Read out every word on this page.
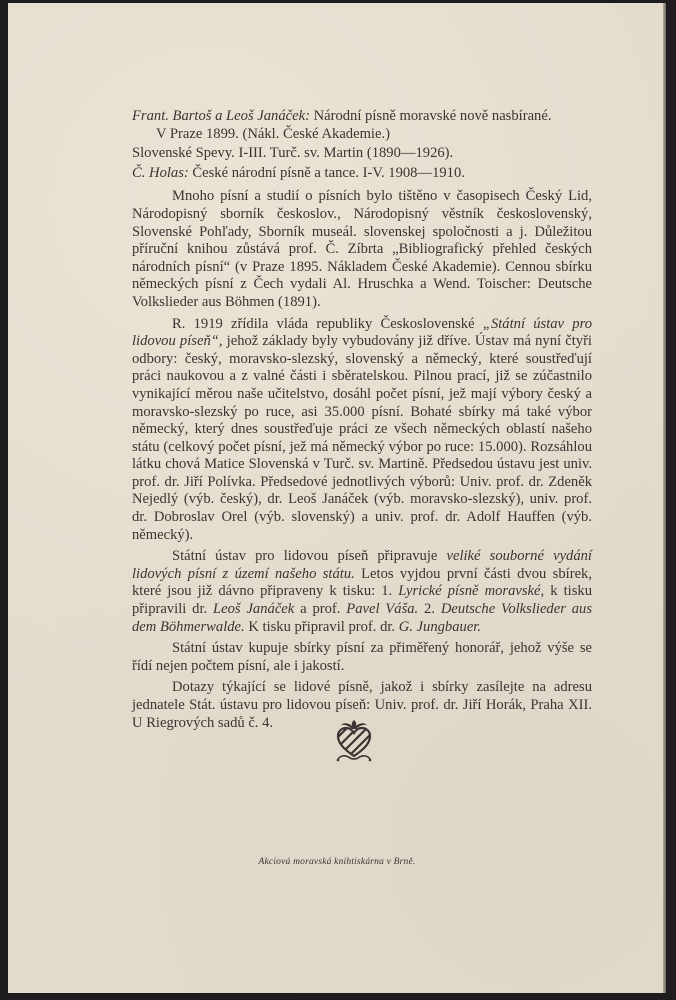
Frant. Bartoš a Leoš Janáček: Národní písně moravské nově nasbírané.
V Praze 1899. (Nákl. České Akademie.)

Slovenské Spevy. I-III. Turč. sv. Martin (1890—1926).

Č. Holas: České národní písně a tance. I-V. 1908—1910.

Mnoho písní a studií o písních bylo tištěno v časopisech Český Lid, Národopisný sborník českoslov., Národopisný věstník československý, Slovenské Pohľady, Sborník museál. slovenskej spoločnosti a j. Důležitou příruční knihou zůstává prof. Č. Zíbrta „Bibliografický přehled českých národních písní“ (v Praze 1895. Nákladem České Akademie). Cennou sbírku německých písní z Čech vydali Al. Hruschka a Wend. Toischer: Deutsche Volkslieder aus Böhmen (1891).

R. 1919 zřídila vláda republiky Československé „Státní ústav pro lidovou píseň“, jehož základy byly vybudovány již dříve. Ústav má nyní čtyři odbory: český, moravsko-slezský, slovenský a německý, které soustřeďují práci naukovou a z valné části i sběratelskou. Pilnou prací, již se zúčastnilo vynikající měrou naše učitelstvo, dosáhl počet písní, jež mají výbory český a moravsko-slezský po ruce, asi 35.000 písní. Bohaté sbírky má také výbor německý, který dnes soustřeďuje práci ze všech německých oblastí našeho státu (celkový počet písní, jež má německý výbor po ruce: 15.000). Rozsáhlou látku chová Matice Slovenská v Turč. sv. Martině. Předsedou ústavu jest univ. prof. dr. Jiří Polívka. Předsedové jednotlivých výborů: Univ. prof. dr. Zdeněk Nejedlý (výb. český), dr. Leoš Janáček (výb. moravsko-slezský), univ. prof. dr. Dobroslav Orel (výb. slovenský) a univ. prof. dr. Adolf Hauffen (výb. německý).

Státní ústav pro lidovou píseň připravuje veliké souborné vydání lidových písní z území našeho státu. Letos vyjdou první části dvou sbírek, které jsou již dávno připraveny k tisku: 1. Lyrické písně moravské, k tisku připravili dr. Leoš Janáček a prof. Pavel Váša. 2. Deutsche Volkslieder aus dem Böhmerwalde. K tisku připravil prof. dr. G. Jungbauer.

Státní ústav kupuje sbírky písní za přiměřený honorář, jehož výše se řídí nejen počtem písní, ale i jakostí.

Dotazy týkající se lidové písně, jakož i sbírky zasílejte na adresu jednatele Stát. ústavu pro lidovou píseň: Univ. prof. dr. Jiří Horák, Praha XII. U Riegrových sadů č. 4.

Akciová moravská knihtiskárna v Brně.
